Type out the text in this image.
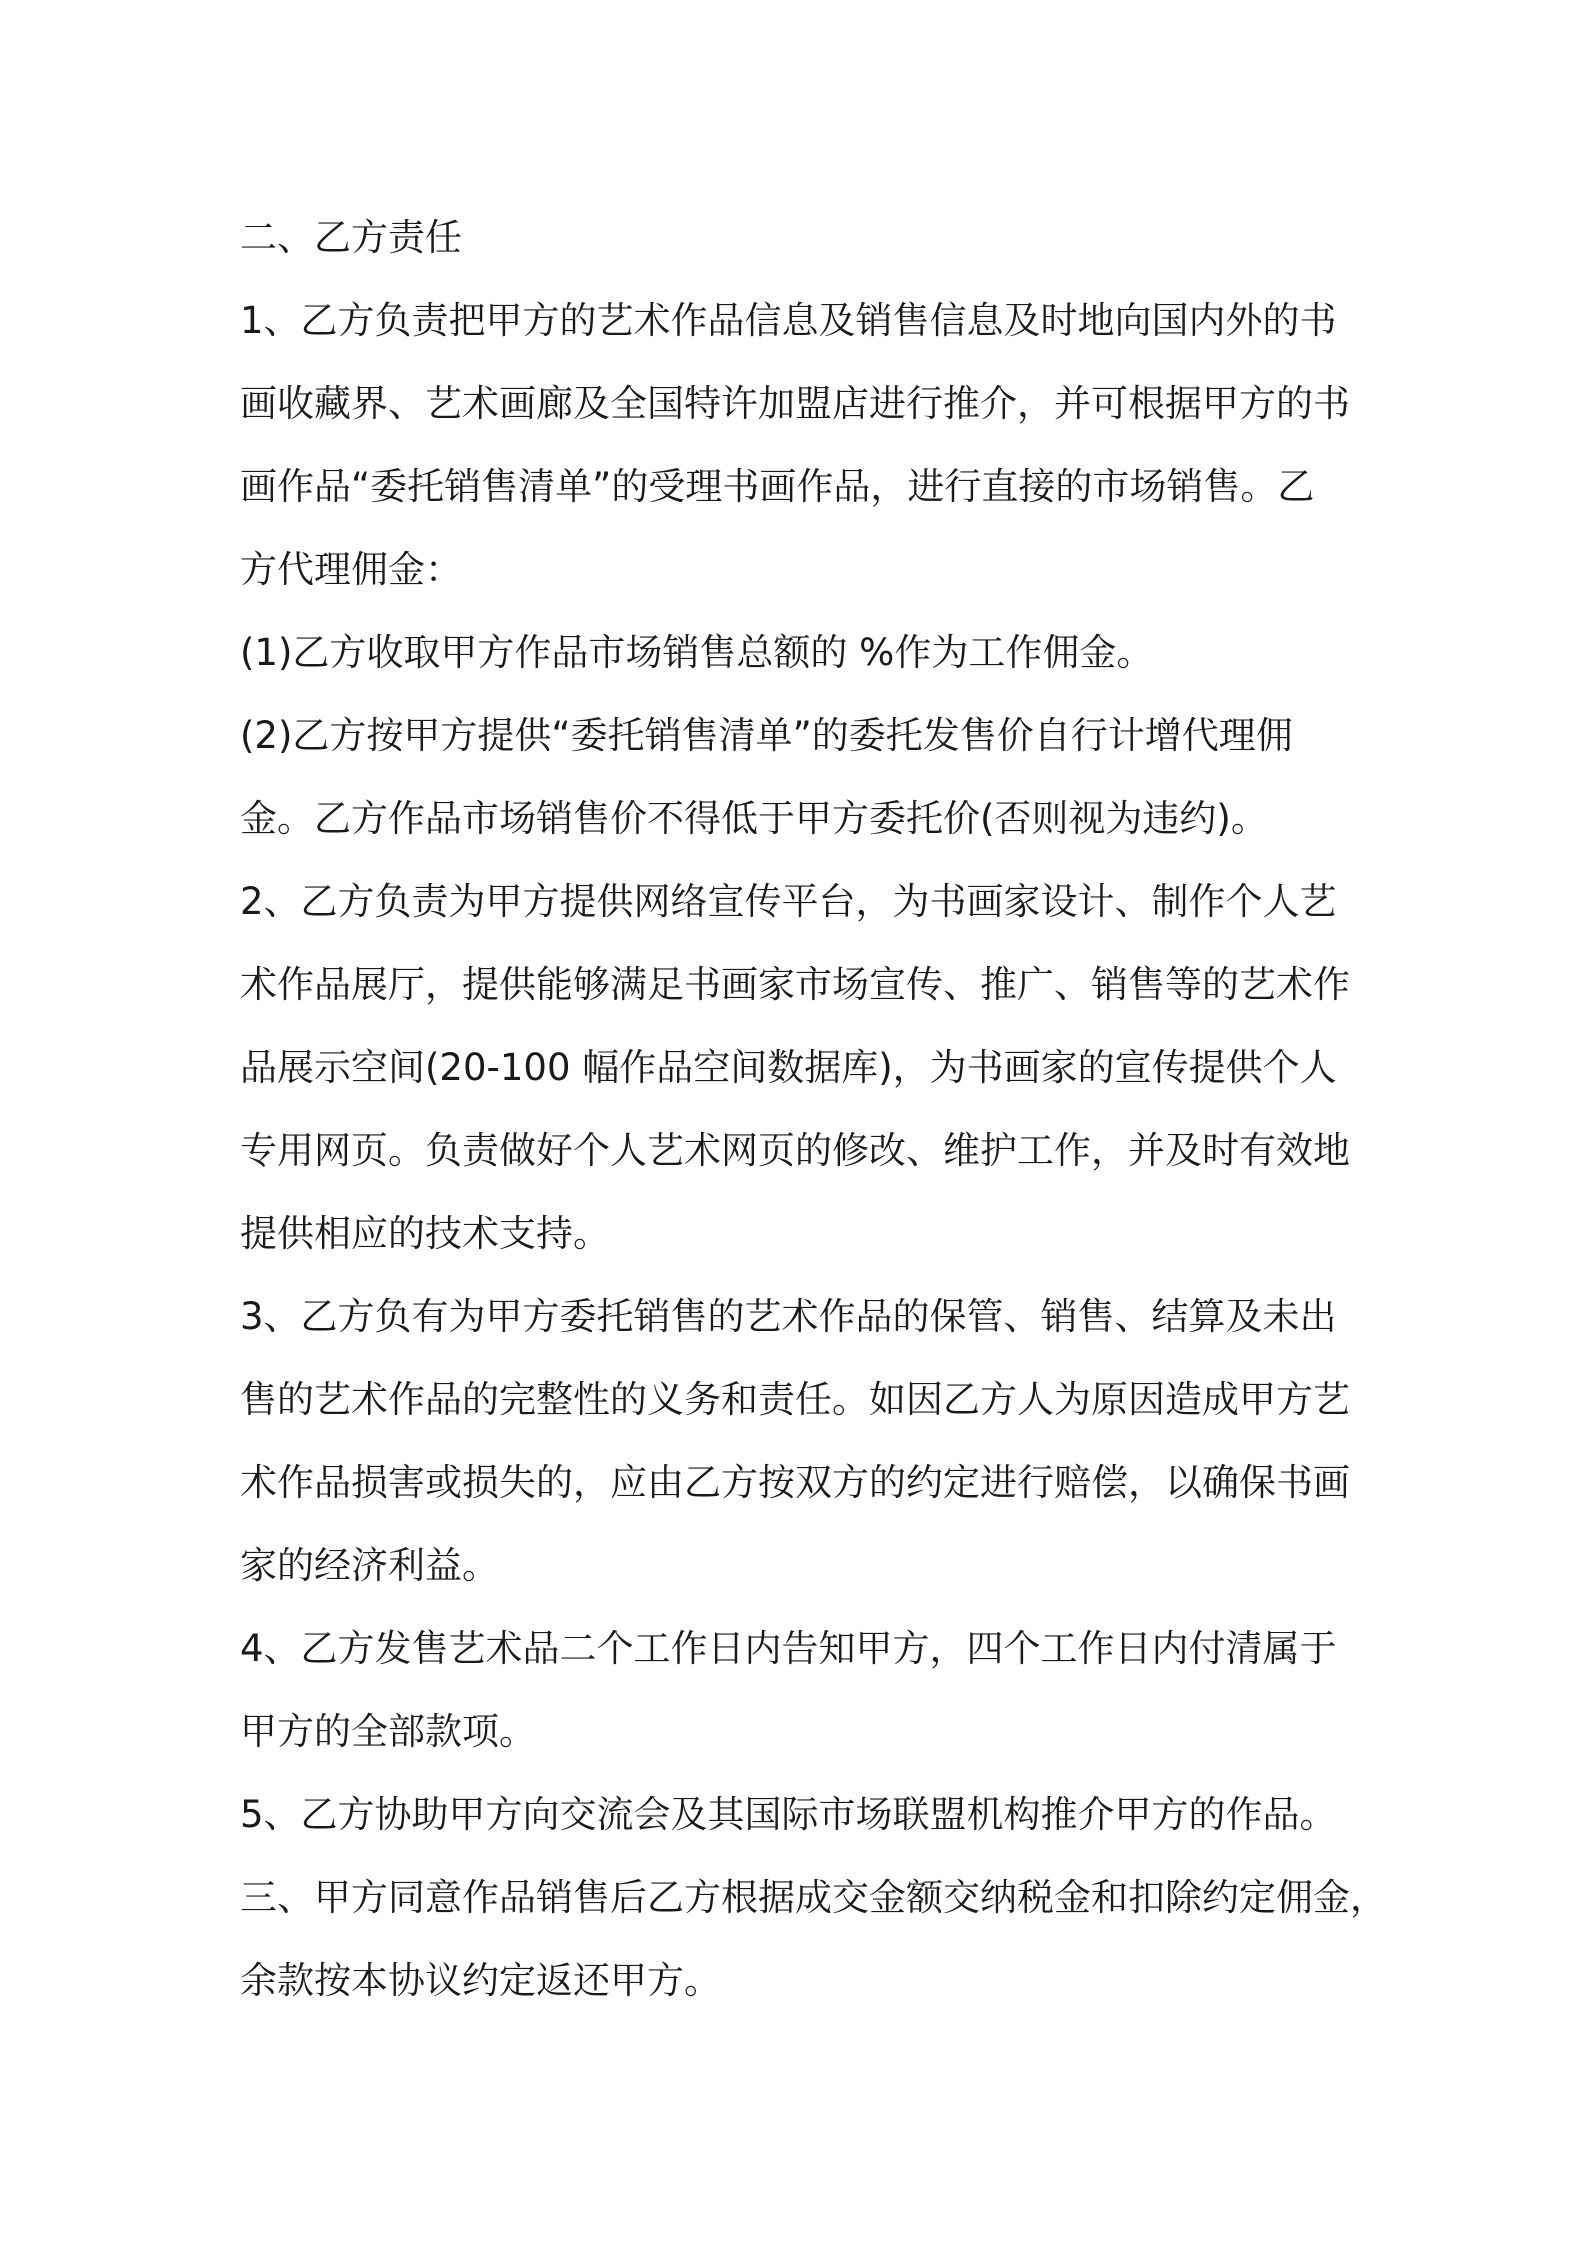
二、乙方责任
1、乙方负责把甲方的艺术作品信息及销售信息及时地向国内外的书
画收藏界、艺术画廊及全国特许加盟店进行推介，并可根据甲方的书
画作品“委托销售清单”的受理书画作品，进行直接的市场销售。乙
方代理佣金：
(1)乙方收取甲方作品市场销售总额的 %作为工作佣金。
(2)乙方按甲方提供“委托销售清单”的委托发售价自行计增代理佣
金。乙方作品市场销售价不得低于甲方委托价(否则视为违约)。
2、乙方负责为甲方提供网络宣传平台，为书画家设计、制作个人艺
术作品展厅，提供能够满足书画家市场宣传、推广、销售等的艺术作
品展示空间(20-100 幅作品空间数据库)，为书画家的宣传提供个人
专用网页。负责做好个人艺术网页的修改、维护工作，并及时有效地
提供相应的技术支持。
3、乙方负有为甲方委托销售的艺术作品的保管、销售、结算及未出
售的艺术作品的完整性的义务和责任。如因乙方人为原因造成甲方艺
术作品损害或损失的，应由乙方按双方的约定进行赔偿，以确保书画
家的经济利益。
4、乙方发售艺术品二个工作日内告知甲方，四个工作日内付清属于
甲方的全部款项。
5、乙方协助甲方向交流会及其国际市场联盟机构推介甲方的作品。
三、甲方同意作品销售后乙方根据成交金额交纳税金和扣除约定佣金，
余款按本协议约定返还甲方。
